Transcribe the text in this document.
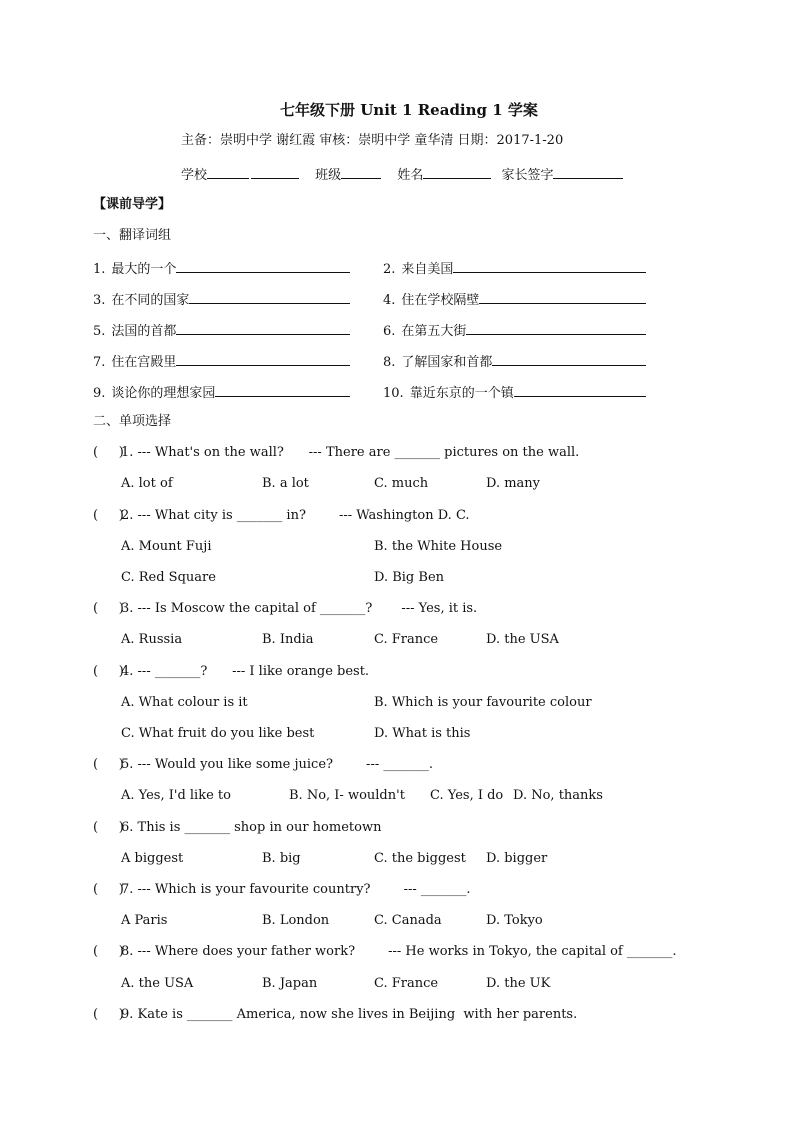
七年级下册 Unit 1 Reading 1 学案
主备：崇明中学 谢红霞 审核：崇明中学 童华清 日期：2017-1-20
学校	班级	姓名	家长签字
【课前导学】
一、翻译词组
1. 最大的一个	2. 来自美国
3. 在不同的国家	4. 住在学校隔壁
5. 法国的首都	6. 在第五大街
7. 住在宫殿里	8. 了解国家和首都
9. 谈论你的理想家园	10. 靠近东京的一个镇
二、单项选择
(     )1. --- What's on the wall?      --- There are _______ pictures on the wall.
A. lot of	B. a lot	C. much	D. many
(     )2. --- What city is _______ in?        --- Washington D. C.
A. Mount Fuji	B. the White House
C. Red Square	D. Big Ben
(     )3. --- Is Moscow the capital of _______?       --- Yes, it is.
A. Russia	B. India	C. France	D. the USA
(     )4. --- _______?      --- I like orange best.
A. What colour is it	B. Which is your favourite colour
C. What fruit do you like best	D. What is this
(     )5. --- Would you like some juice?        --- _______.
A. Yes, I'd like to	B. No, I- wouldn't C. Yes, I do D. No, thanks
(     )6. This is _______ shop in our hometown
A biggest	B. big	C. the biggest D. bigger
(     )7. --- Which is your favourite country?        --- _______.
A Paris	B. London	C. Canada	D. Tokyo
(     )8. --- Where does your father work?        --- He works in Tokyo, the capital of _______.
A. the USA	B. Japan	C. France	D. the UK
(     )9. Kate is _______ America, now she lives in Beijing  with her parents.
